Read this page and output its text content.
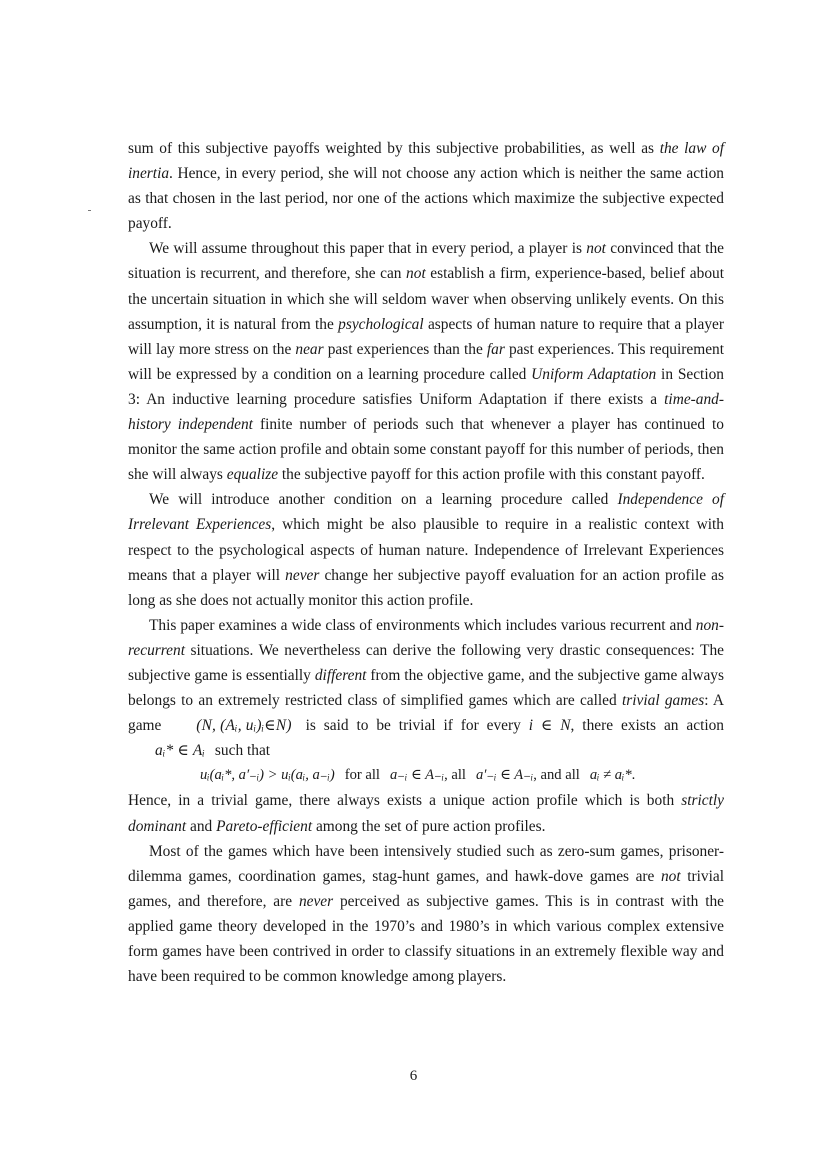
sum of this subjective payoffs weighted by this subjective probabilities, as well as the law of inertia. Hence, in every period, she will not choose any action which is neither the same action as that chosen in the last period, nor one of the actions which maximize the subjective expected payoff.

We will assume throughout this paper that in every period, a player is not convinced that the situation is recurrent, and therefore, she can not establish a firm, experience-based, belief about the uncertain situation in which she will seldom waver when observing unlikely events. On this assumption, it is natural from the psychological aspects of human nature to require that a player will lay more stress on the near past experiences than the far past experiences. This requirement will be expressed by a condition on a learning procedure called Uniform Adaptation in Section 3: An inductive learning procedure satisfies Uniform Adaptation if there exists a time-and-history independent finite number of periods such that whenever a player has continued to monitor the same action profile and obtain some constant payoff for this number of periods, then she will always equalize the subjective payoff for this action profile with this constant payoff.

We will introduce another condition on a learning procedure called Independence of Irrelevant Experiences, which might be also plausible to require in a realistic context with respect to the psychological aspects of human nature. Independence of Irrelevant Experiences means that a player will never change her subjective payoff evaluation for an action profile as long as she does not actually monitor this action profile.

This paper examines a wide class of environments which includes various recurrent and non-recurrent situations. We nevertheless can derive the following very drastic consequences: The subjective game is essentially different from the objective game, and the subjective game always belongs to an extremely restricted class of simplified games which are called trivial games: A game (N, (Aᵢ, uᵢ)ᵢ∈N) is said to be trivial if for every i ∈ N, there exists an action aᵢ* ∈ Aᵢ such that

uᵢ(aᵢ*, a′₋ᵢ) > uᵢ(aᵢ, a₋ᵢ) for all a₋ᵢ ∈ A₋ᵢ, all a′₋ᵢ ∈ A₋ᵢ, and all aᵢ ≠ aᵢ*.

Hence, in a trivial game, there always exists a unique action profile which is both strictly dominant and Pareto-efficient among the set of pure action profiles.

Most of the games which have been intensively studied such as zero-sum games, prisoner-dilemma games, coordination games, stag-hunt games, and hawk-dove games are not trivial games, and therefore, are never perceived as subjective games. This is in contrast with the applied game theory developed in the 1970’s and 1980’s in which various complex extensive form games have been contrived in order to classify situations in an extremely flexible way and have been required to be common knowledge among players.

6
